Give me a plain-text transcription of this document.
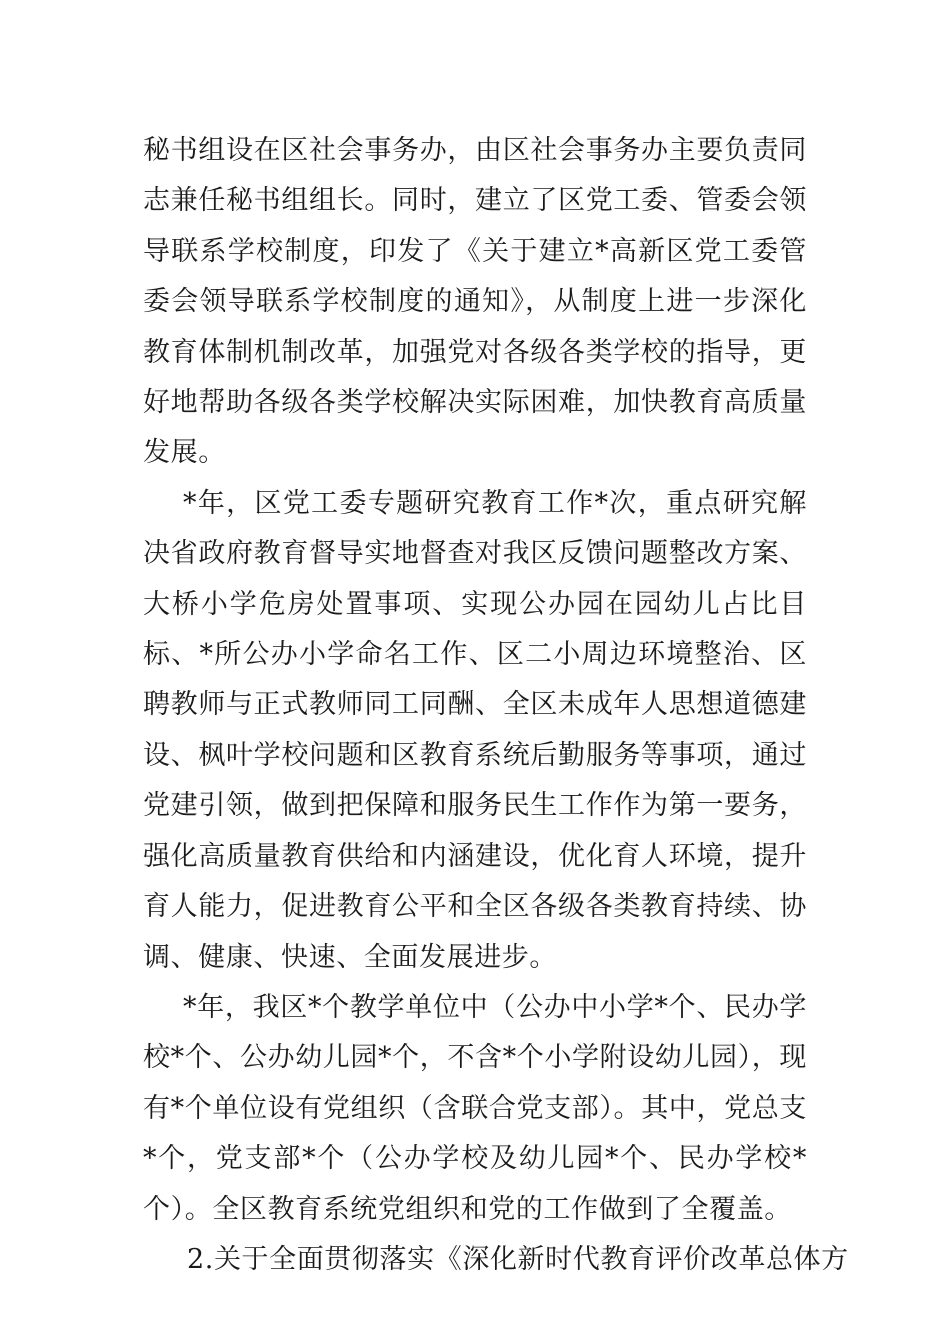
秘书组设在区社会事务办，由区社会事务办主要负责同志兼任秘书组组长。同时，建立了区党工委、管委会领导联系学校制度，印发了《关于建立*高新区党工委管委会领导联系学校制度的通知》，从制度上进一步深化教育体制机制改革，加强党对各级各类学校的指导，更好地帮助各级各类学校解决实际困难，加快教育高质量发展。

*年，区党工委专题研究教育工作*次，重点研究解决省政府教育督导实地督查对我区反馈问题整改方案、大桥小学危房处置事项、实现公办园在园幼儿占比目标、*所公办小学命名工作、区二小周边环境整治、区聘教师与正式教师同工同酬、全区未成年人思想道德建设、枫叶学校问题和区教育系统后勤服务等事项，通过党建引领，做到把保障和服务民生工作作为第一要务，强化高质量教育供给和内涵建设，优化育人环境，提升育人能力，促进教育公平和全区各级各类教育持续、协调、健康、快速、全面发展进步。

*年，我区*个教学单位中（公办中小学*个、民办学校*个、公办幼儿园*个，不含*个小学附设幼儿园），现有*个单位设有党组织（含联合党支部）。其中，党总支*个，党支部*个（公办学校及幼儿园*个、民办学校*个）。全区教育系统党组织和党的工作做到了全覆盖。

2.关于全面贯彻落实《深化新时代教育评价改革总体方
